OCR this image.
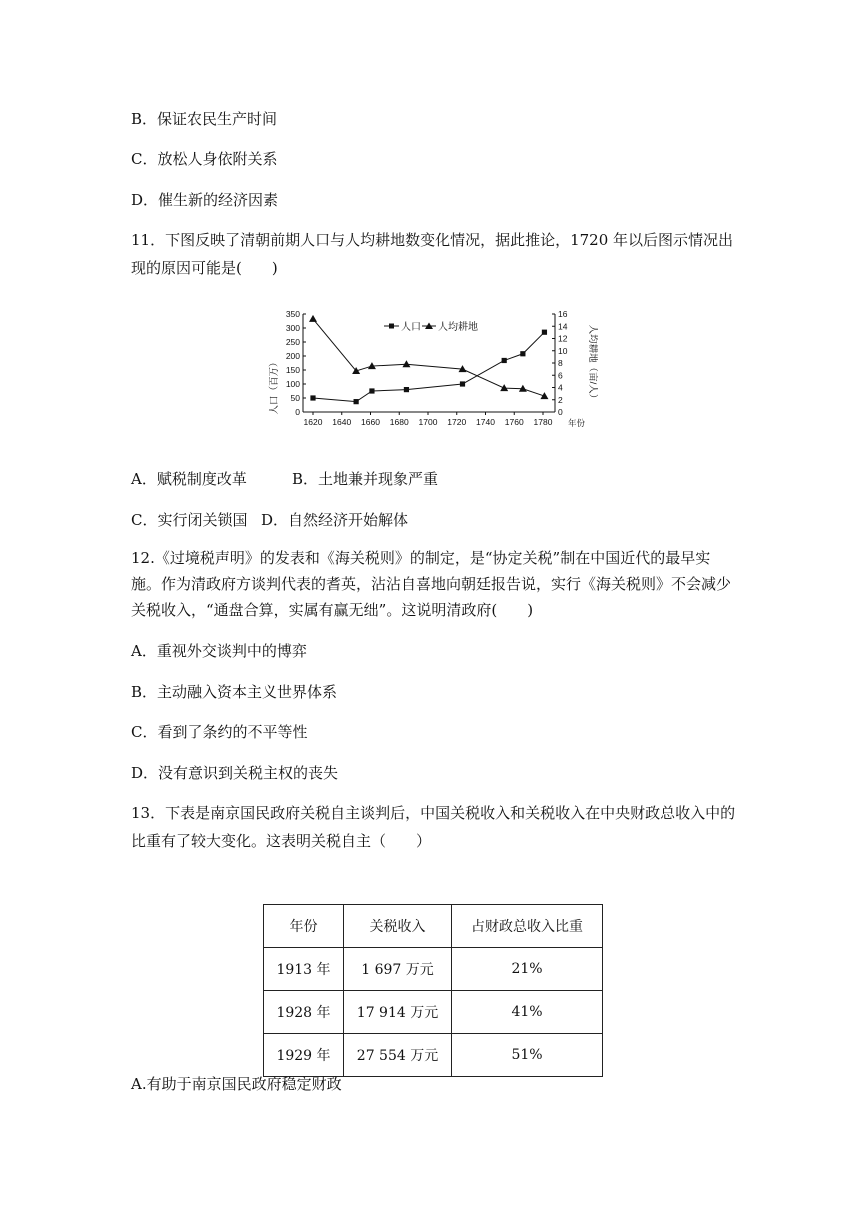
B．保证农民生产时间
C．放松人身依附关系
D．催生新的经济因素
11．下图反映了清朝前期人口与人均耕地数变化情况，据此推论，1720 年以后图示情况出
现的原因可能是(　　)
0
50
100
150
200
250
300
350
0
2
4
6
8
10
12
14
16
1620 1640 1660 1680 1700 1720 1740 1760 1780
人口 人均耕地
人口（百万）	人均耕地（亩/人）
年份
A．赋税制度改革	B．土地兼并现象严重
C．实行闭关锁国 D．自然经济开始解体
12.《过境税声明》的发表和《海关税则》的制定，是“协定关税”制在中国近代的最早实施。作为清政府方谈判代表的耆英，沾沾自喜地向朝廷报告说，实行《海关税则》不会减少关税收入，“通盘合算，实属有赢无绌”。这说明清政府(　　)
A．重视外交谈判中的博弈
B．主动融入资本主义世界体系
C．看到了条约的不平等性
D．没有意识到关税主权的丧失
13．下表是南京国民政府关税自主谈判后，中国关税收入和关税收入在中央财政总收入中的
比重有了较大变化。这表明关税自主（　　）
年份	关税收入	占财政总收入比重
1913 年	1 697 万元	21%
1928 年	17 914 万元	41%
1929 年	27 554 万元	51%
A.有助于南京国民政府稳定财政
